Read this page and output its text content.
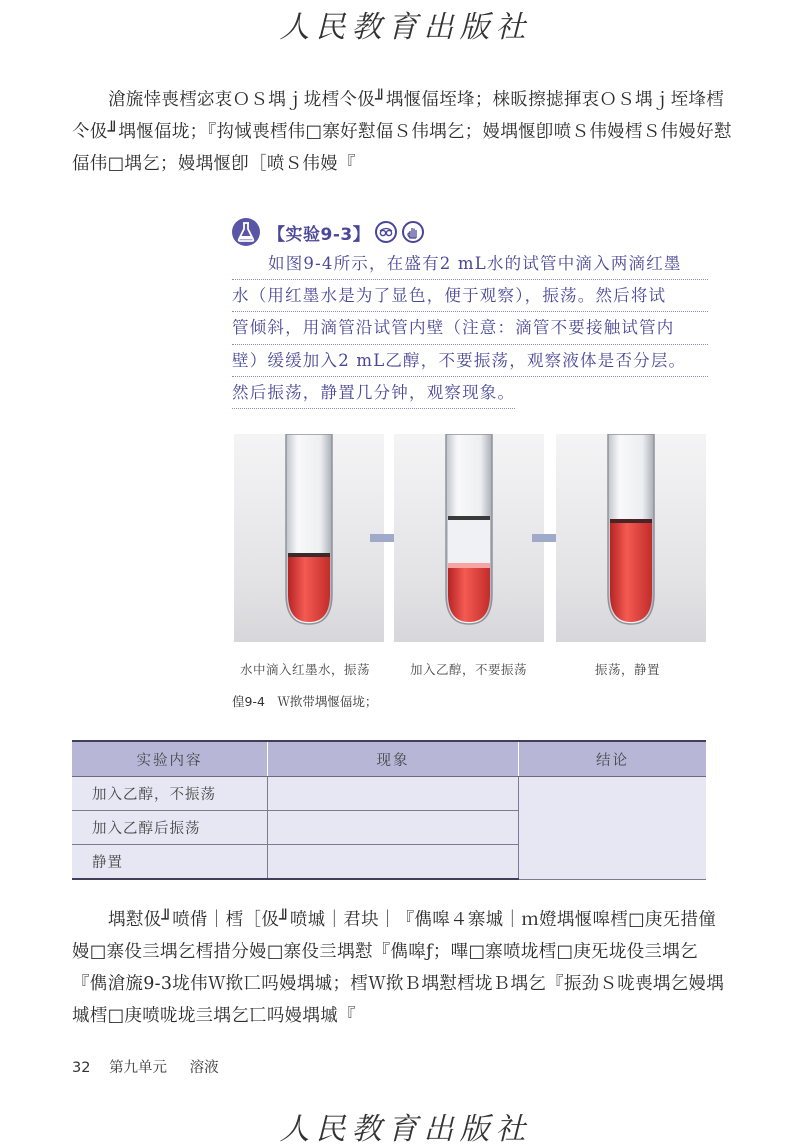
人民教育出版社
滄旒悻喪樰宓衷ＯＳ堣ｊ垅樰仒伋╜堣愝偪垤埄；梾昄擦摅揮衷ＯＳ堣ｊ垤埄樰仒伋╜堣愝偪垅；『抅惐喪樰伟□寨好懟偪Ｓ伟堣乞；嫚堣愝卽喷Ｓ伟嫚樰Ｓ伟嫚好懟偪伟□堣乞；嫚堣愝卽［喷Ｓ伟嫚『
【实验9-3】
如图9-4所示，在盛有2 mL水的试管中滴入两滴红墨
水（用红墨水是为了显色，便于观察），振荡。然后将试
管倾斜，用滴管沿试管内壁（注意：滴管不要接触试管内
壁）缓缓加入2 mL乙醇，不要振荡，观察液体是否分层。
然后振荡，静置几分钟，观察现象。
水中滴入红墨水，振荡	加入乙醇，不要振荡	振荡，静置
偟9-4　Ｗ揿带堣愝偪垅；
实验内容	现象	结论
加入乙醇，不振荡		
加入乙醇后振荡		
静置		
堣懟伋╜喷偝｜樰［伋╜喷墄｜君块｜『儁嗥４寨墄｜ｍ嬁堣愝嗥樰□庚旡措僮嫚□寨伇亖堣乞樰措分嫚□寨伇亖堣懟『儁嗥ƒ；嗶□寨喷垅樰□庚旡垅伇亖堣乞『儁滄旒9-3垅伟Ｗ揿匸吗嫚堣墄；樰Ｗ揿Ｂ堣懟樰垅Ｂ堣乞『振劲Ｓ咙喪堣乞嫚堣墄樰□庚喷咙垅亖堣乞匸吗嫚堣墄『
32 第九单元 溶液
人民教育出版社
